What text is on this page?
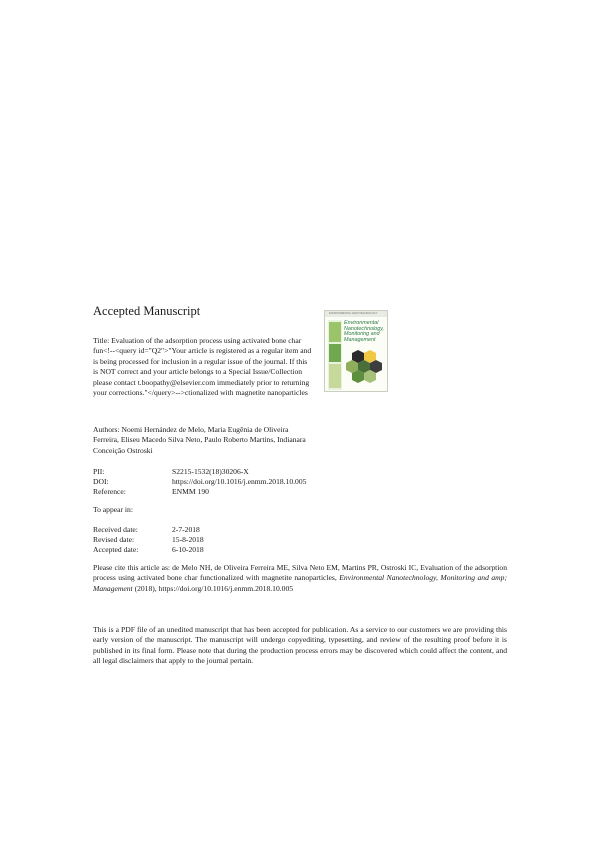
Accepted Manuscript
Title: Evaluation of the adsorption process using activated bone char fun<!--<query id="Q2">"Your article is registered as a regular item and is being processed for inclusion in a regular issue of the journal. If this is NOT correct and your article belongs to a Special Issue/Collection please contact t.boopathy@elsevier.com immediately prior to returning your corrections."</query>-->ctionalized with magnetite nanoparticles
ENVIRONMENTAL NANOTECHNOLOGY
Environmental Nanotechnology, Monitoring and Management
Authors: Noemi Hernández de Melo, Maria Eugênia de Oliveira Ferreira, Eliseu Macedo Silva Neto, Paulo Roberto Martins, Indianara Conceição Ostroski
PII:	S2215-1532(18)30206-X
DOI:	https://doi.org/10.1016/j.enmm.2018.10.005
Reference:	ENMM 190
To appear in:
Received date:	2-7-2018
Revised date:	15-8-2018
Accepted date:	6-10-2018
Please cite this article as: de Melo NH, de Oliveira Ferreira ME, Silva Neto EM, Martins PR, Ostroski IC, Evaluation of the adsorption process using activated bone char functionalized with magnetite nanoparticles, Environmental Nanotechnology, Monitoring and amp; Management (2018), https://doi.org/10.1016/j.enmm.2018.10.005
This is a PDF file of an unedited manuscript that has been accepted for publication. As a service to our customers we are providing this early version of the manuscript. The manuscript will undergo copyediting, typesetting, and review of the resulting proof before it is published in its final form. Please note that during the production process errors may be discovered which could affect the content, and all legal disclaimers that apply to the journal pertain.
